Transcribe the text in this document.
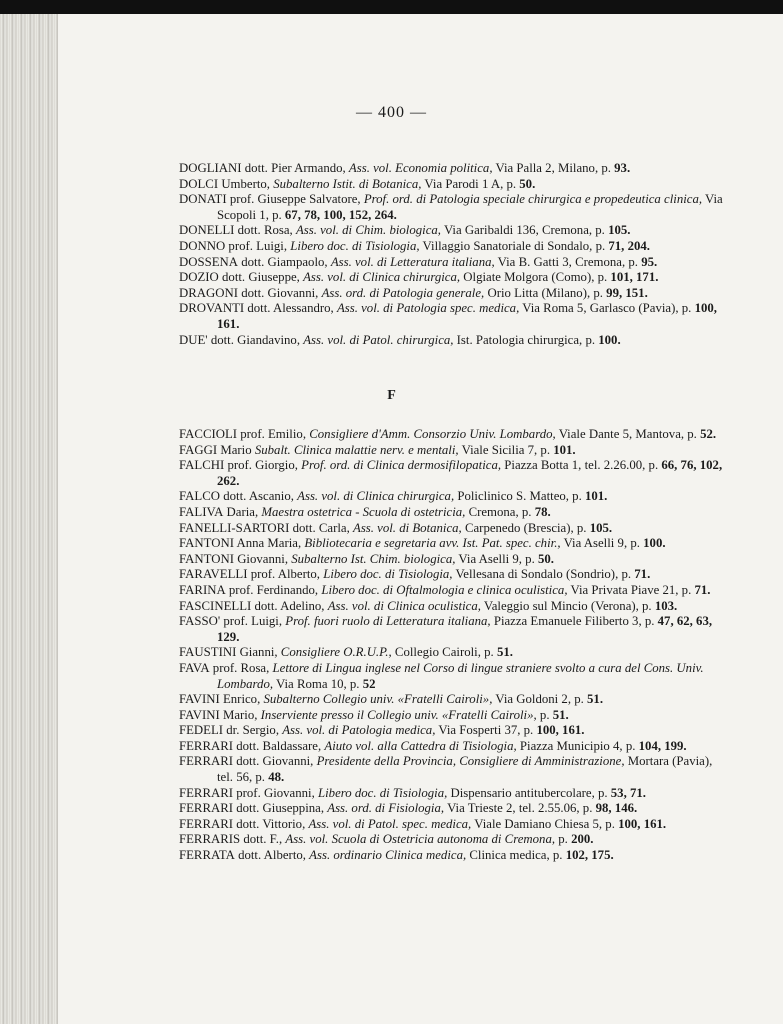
— 400 —

DOGLIANI dott. Pier Armando, Ass. vol. Economia politica, Via Palla 2, Milano, p. 93.

DOLCI Umberto, Subalterno Istit. di Botanica, Via Parodi 1 A, p. 50.

DONATI prof. Giuseppe Salvatore, Prof. ord. di Patologia speciale chirurgica e propedeutica clinica, Via Scopoli 1, p. 67, 78, 100, 152, 264.

DONELLI dott. Rosa, Ass. vol. di Chim. biologica, Via Garibaldi 136, Cremona, p. 105.

DONNO prof. Luigi, Libero doc. di Tisiologia, Villaggio Sanatoriale di Sondalo, p. 71, 204.

DOSSENA dott. Giampaolo, Ass. vol. di Letteratura italiana, Via B. Gatti 3, Cremona, p. 95.

DOZIO dott. Giuseppe, Ass. vol. di Clinica chirurgica, Olgiate Molgora (Como), p. 101, 171.

DRAGONI dott. Giovanni, Ass. ord. di Patologia generale, Orio Litta (Milano), p. 99, 151.

DROVANTI dott. Alessandro, Ass. vol. di Patologia spec. medica, Via Roma 5, Garlasco (Pavia), p. 100, 161.

DUE' dott. Giandavino, Ass. vol. di Patol. chirurgica, Ist. Patologia chirurgica, p. 100.

F

FACCIOLI prof. Emilio, Consigliere d'Amm. Consorzio Univ. Lombardo, Viale Dante 5, Mantova, p. 52.

FAGGI Mario Subalt. Clinica malattie nerv. e mentali, Viale Sicilia 7, p. 101.

FALCHI prof. Giorgio, Prof. ord. di Clinica dermosifilopatica, Piazza Botta 1, tel. 2.26.00, p. 66, 76, 102, 262.

FALCO dott. Ascanio, Ass. vol. di Clinica chirurgica, Policlinico S. Matteo, p. 101.

FALIVA Daria, Maestra ostetrica - Scuola di ostetricia, Cremona, p. 78.

FANELLI-SARTORI dott. Carla, Ass. vol. di Botanica, Carpenedo (Brescia), p. 105.

FANTONI Anna Maria, Bibliotecaria e segretaria avv. Ist. Pat. spec. chir., Via Aselli 9, p. 100.

FANTONI Giovanni, Subalterno Ist. Chim. biologica, Via Aselli 9, p. 50.

FARAVELLI prof. Alberto, Libero doc. di Tisiologia, Vellesana di Sondalo (Sondrio), p. 71.

FARINA prof. Ferdinando, Libero doc. di Oftalmologia e clinica oculistica, Via Privata Piave 21, p. 71.

FASCINELLI dott. Adelino, Ass. vol. di Clinica oculistica, Valeggio sul Mincio (Verona), p. 103.

FASSO' prof. Luigi, Prof. fuori ruolo di Letteratura italiana, Piazza Emanuele Filiberto 3, p. 47, 62, 63, 129.

FAUSTINI Gianni, Consigliere O.R.U.P., Collegio Cairoli, p. 51.

FAVA prof. Rosa, Lettore di Lingua inglese nel Corso di lingue straniere svolto a cura del Cons. Univ. Lombardo, Via Roma 10, p. 52

FAVINI Enrico, Subalterno Collegio univ. «Fratelli Cairoli», Via Goldoni 2, p. 51.

FAVINI Mario, Inserviente presso il Collegio univ. «Fratelli Cairoli», p. 51.

FEDELI dr. Sergio, Ass. vol. di Patologia medica, Via Fosperti 37, p. 100, 161.

FERRARI dott. Baldassare, Aiuto vol. alla Cattedra di Tisiologia, Piazza Municipio 4, p. 104, 199.

FERRARI dott. Giovanni, Presidente della Provincia, Consigliere di Amministrazione, Mortara (Pavia), tel. 56, p. 48.

FERRARI prof. Giovanni, Libero doc. di Tisiologia, Dispensario antitubercolare, p. 53, 71.

FERRARI dott. Giuseppina, Ass. ord. di Fisiologia, Via Trieste 2, tel. 2.55.06, p. 98, 146.

FERRARI dott. Vittorio, Ass. vol. di Patol. spec. medica, Viale Damiano Chiesa 5, p. 100, 161.

FERRARIS dott. F., Ass. vol. Scuola di Ostetricia autonoma di Cremona, p. 200.

FERRATA dott. Alberto, Ass. ordinario Clinica medica, Clinica medica, p. 102, 175.
